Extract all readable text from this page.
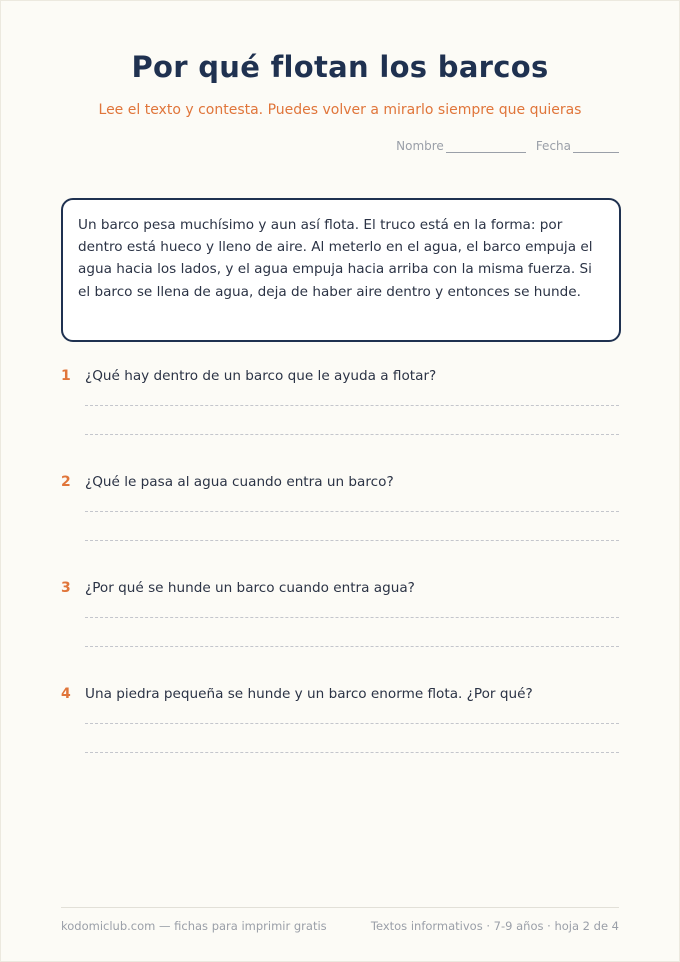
Por qué flotan los barcos
Lee el texto y contesta. Puedes volver a mirarlo siempre que quieras
Nombre	Fecha
Un barco pesa muchísimo y aun así flota. El truco está en la forma: por dentro está hueco y lleno de aire. Al meterlo en el agua, el barco empuja el agua hacia los lados, y el agua empuja hacia arriba con la misma fuerza. Si el barco se llena de agua, deja de haber aire dentro y entonces se hunde.
1	¿Qué hay dentro de un barco que le ayuda a flotar?
2	¿Qué le pasa al agua cuando entra un barco?
3	¿Por qué se hunde un barco cuando entra agua?
4	Una piedra pequeña se hunde y un barco enorme flota. ¿Por qué?
kodomiclub.com — fichas para imprimir gratis	Textos informativos · 7-9 años · hoja 2 de 4
